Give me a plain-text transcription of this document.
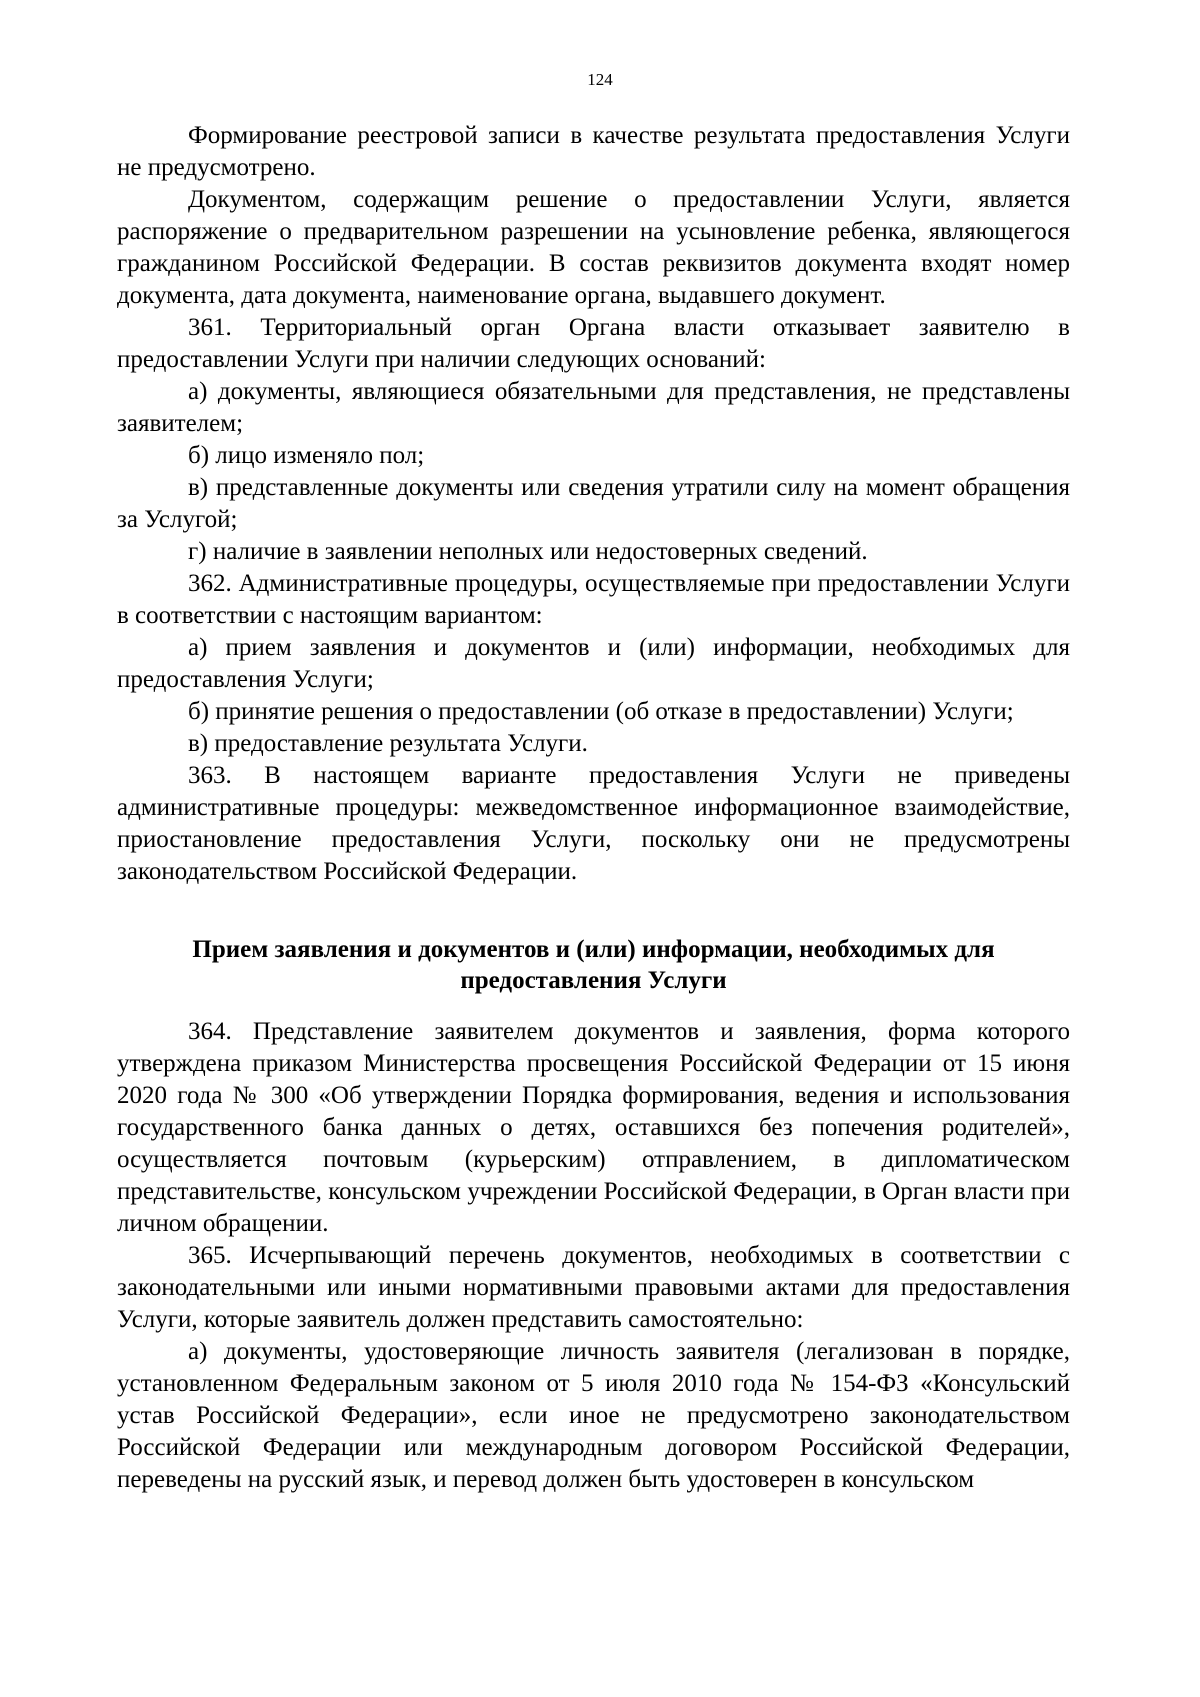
124

Формирование реестровой записи в качестве результата предоставления Услуги не предусмотрено.

Документом, содержащим решение о предоставлении Услуги, является распоряжение о предварительном разрешении на усыновление ребенка, являющегося гражданином Российской Федерации. В состав реквизитов документа входят номер документа, дата документа, наименование органа, выдавшего документ.

361. Территориальный орган Органа власти отказывает заявителю в предоставлении Услуги при наличии следующих оснований:

а) документы, являющиеся обязательными для представления, не представлены заявителем;

б) лицо изменяло пол;

в) представленные документы или сведения утратили силу на момент обращения за Услугой;

г) наличие в заявлении неполных или недостоверных сведений.

362. Административные процедуры, осуществляемые при предоставлении Услуги в соответствии с настоящим вариантом:

а) прием заявления и документов и (или) информации, необходимых для предоставления Услуги;

б) принятие решения о предоставлении (об отказе в предоставлении) Услуги;

в) предоставление результата Услуги.

363. В настоящем варианте предоставления Услуги не приведены административные процедуры: межведомственное информационное взаимодействие, приостановление предоставления Услуги, поскольку они не предусмотрены законодательством Российской Федерации.

Прием заявления и документов и (или) информации, необходимых для предоставления Услуги

364. Представление заявителем документов и заявления, форма которого утверждена приказом Министерства просвещения Российской Федерации от 15 июня 2020 года № 300 «Об утверждении Порядка формирования, ведения и использования государственного банка данных о детях, оставшихся без попечения родителей», осуществляется почтовым (курьерским) отправлением, в дипломатическом представительстве, консульском учреждении Российской Федерации, в Орган власти при личном обращении.

365. Исчерпывающий перечень документов, необходимых в соответствии с законодательными или иными нормативными правовыми актами для предоставления Услуги, которые заявитель должен представить самостоятельно:

а) документы, удостоверяющие личность заявителя (легализован в порядке, установленном Федеральным законом от 5 июля 2010 года № 154-ФЗ «Консульский устав Российской Федерации», если иное не предусмотрено законодательством Российской Федерации или международным договором Российской Федерации, переведены на русский язык, и перевод должен быть удостоверен в консульском
